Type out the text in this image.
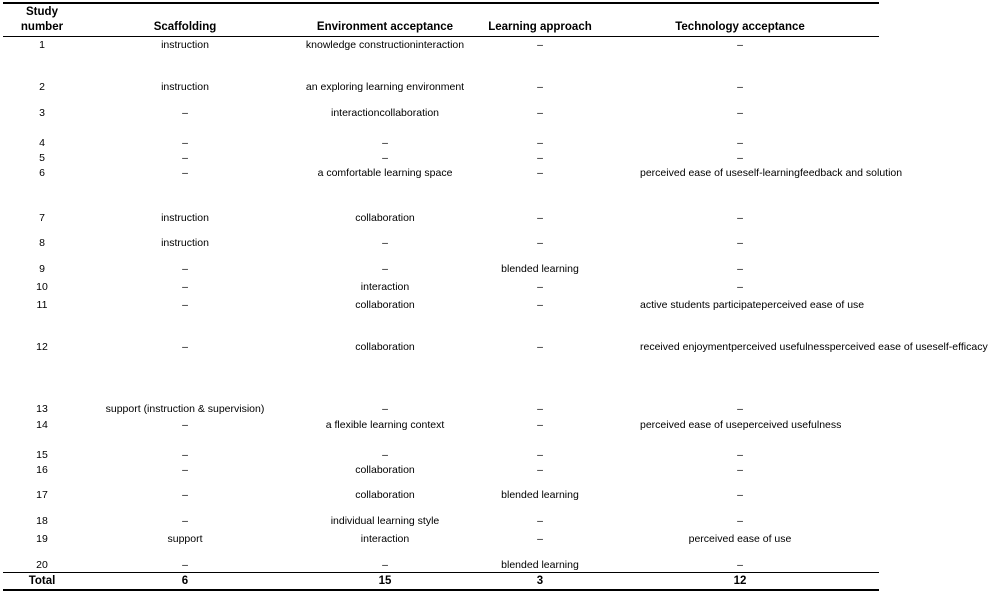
Study
number	Scaffolding	Environment acceptance	Learning approach	Technology acceptance
1	instruction	knowledge constructioninteraction	–	–
2	instruction	an exploring learning environment	–	–
3	–	interactioncollaboration	–	–
4	–	–	–	–
5	–	–	–	–
6	–	a comfortable learning space	–	perceived ease of useself-learningfeedback and solution
7	instruction	collaboration	–	–
8	instruction	–	–	–
9	–	–	blended learning	–
10	–	interaction	–	–
11	–	collaboration	–	active students participateperceived ease of use
12	–	collaboration	–	received enjoymentperceived usefulnessperceived ease of useself-efficacy
13	support (instruction & supervision)	–	–	–
14	–	a flexible learning context	–	perceived ease of useperceived usefulness
15	–	–	–	–
16	–	collaboration	–	–
17	–	collaboration	blended learning	–
18	–	individual learning style	–	–
19	support	interaction	–	perceived ease of use
20	–	–	blended learning	–
Total	6	15	3	12
